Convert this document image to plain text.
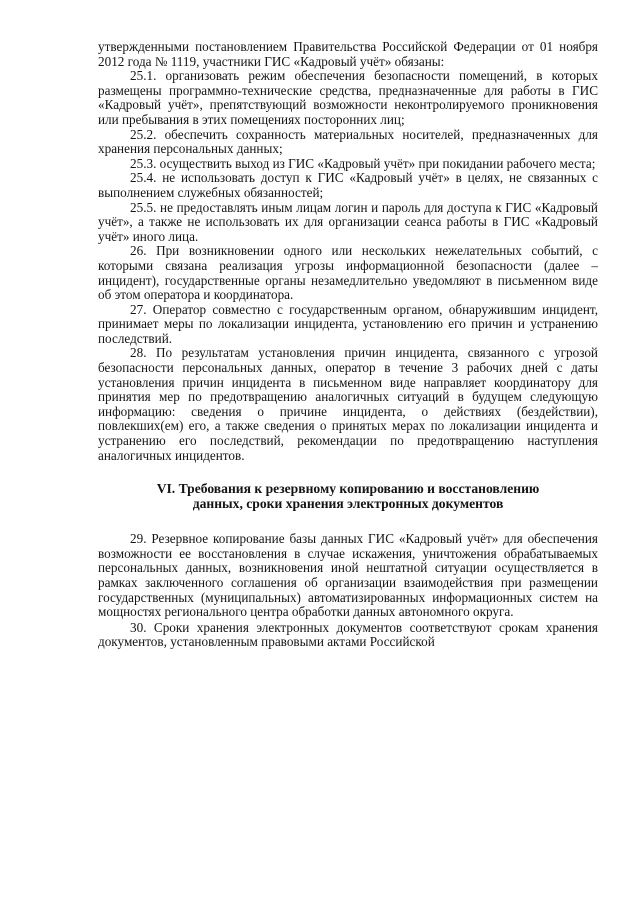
утвержденными постановлением Правительства Российской Федерации от 01 ноября 2012 года № 1119, участники ГИС «Кадровый учёт» обязаны:

25.1. организовать режим обеспечения безопасности помещений, в которых размещены программно-технические средства, предназначенные для работы в ГИС «Кадровый учёт», препятствующий возможности неконтролируемого проникновения или пребывания в этих помещениях посторонних лиц;

25.2. обеспечить сохранность материальных носителей, предназначенных для хранения персональных данных;

25.3. осуществить выход из ГИС «Кадровый учёт» при покидании рабочего места;

25.4. не использовать доступ к ГИС «Кадровый учёт» в целях, не связанных с выполнением служебных обязанностей;

25.5. не предоставлять иным лицам логин и пароль для доступа к ГИС «Кадровый учёт», а также не использовать их для организации сеанса работы в ГИС «Кадровый учёт» иного лица.

26. При возникновении одного или нескольких нежелательных событий, с которыми связана реализация угрозы информационной безопасности (далее – инцидент), государственные органы незамедлительно уведомляют в письменном виде об этом оператора и координатора.

27. Оператор совместно с государственным органом, обнаружившим инцидент, принимает меры по локализации инцидента, установлению его причин и устранению последствий.

28. По результатам установления причин инцидента, связанного с угрозой безопасности персональных данных, оператор в течение 3 рабочих дней с даты установления причин инцидента в письменном виде направляет координатору для принятия мер по предотвращению аналогичных ситуаций в будущем следующую информацию: сведения о причине инцидента, о действиях (бездействии), повлекших(ем) его, а также сведения о принятых мерах по локализации инцидента и устранению его последствий, рекомендации по предотвращению наступления аналогичных инцидентов.

VI. Требования к резервному копированию и восстановлению
данных, сроки хранения электронных документов

29. Резервное копирование базы данных ГИС «Кадровый учёт» для обеспечения возможности ее восстановления в случае искажения, уничтожения обрабатываемых персональных данных, возникновения иной нештатной ситуации осуществляется в рамках заключенного соглашения об организации взаимодействия при размещении государственных (муниципальных) автоматизированных информационных систем на мощностях регионального центра обработки данных автономного округа.

30. Сроки хранения электронных документов соответствуют срокам хранения документов, установленным правовыми актами Российской
